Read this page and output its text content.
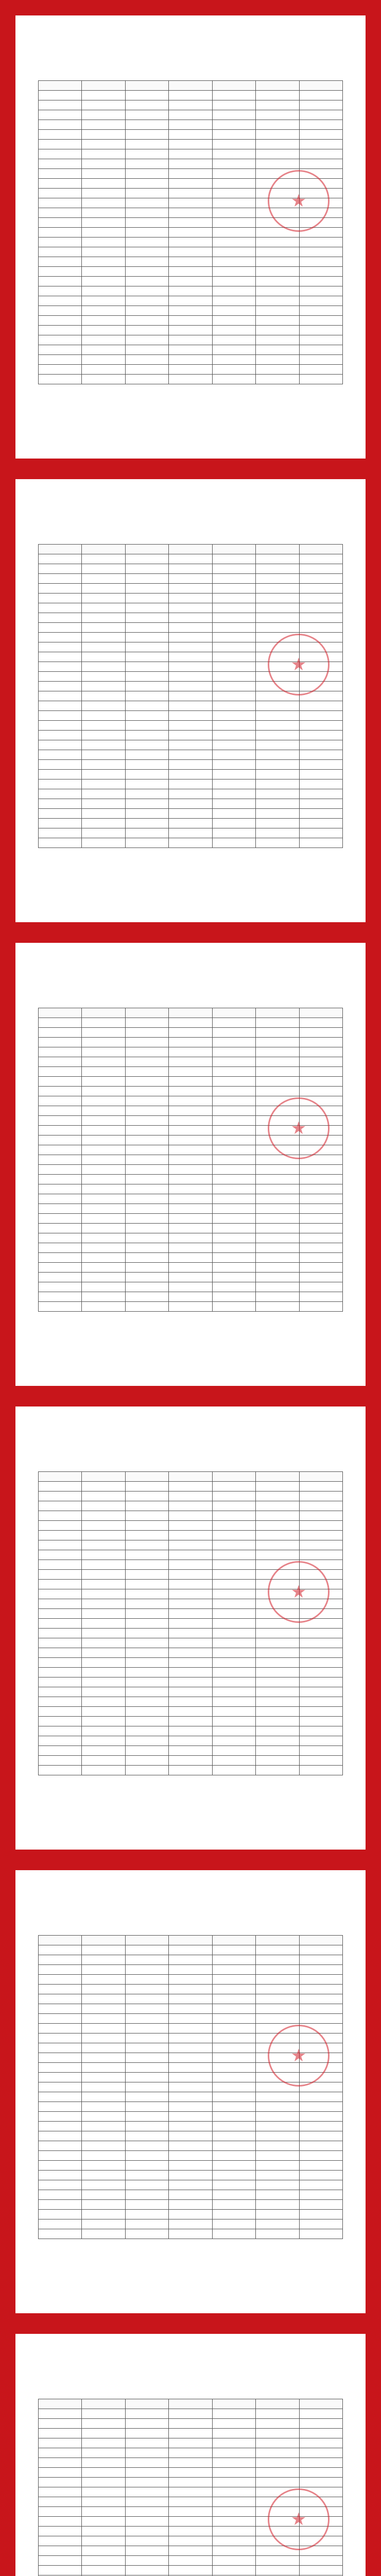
★

★

★

★

★

★
